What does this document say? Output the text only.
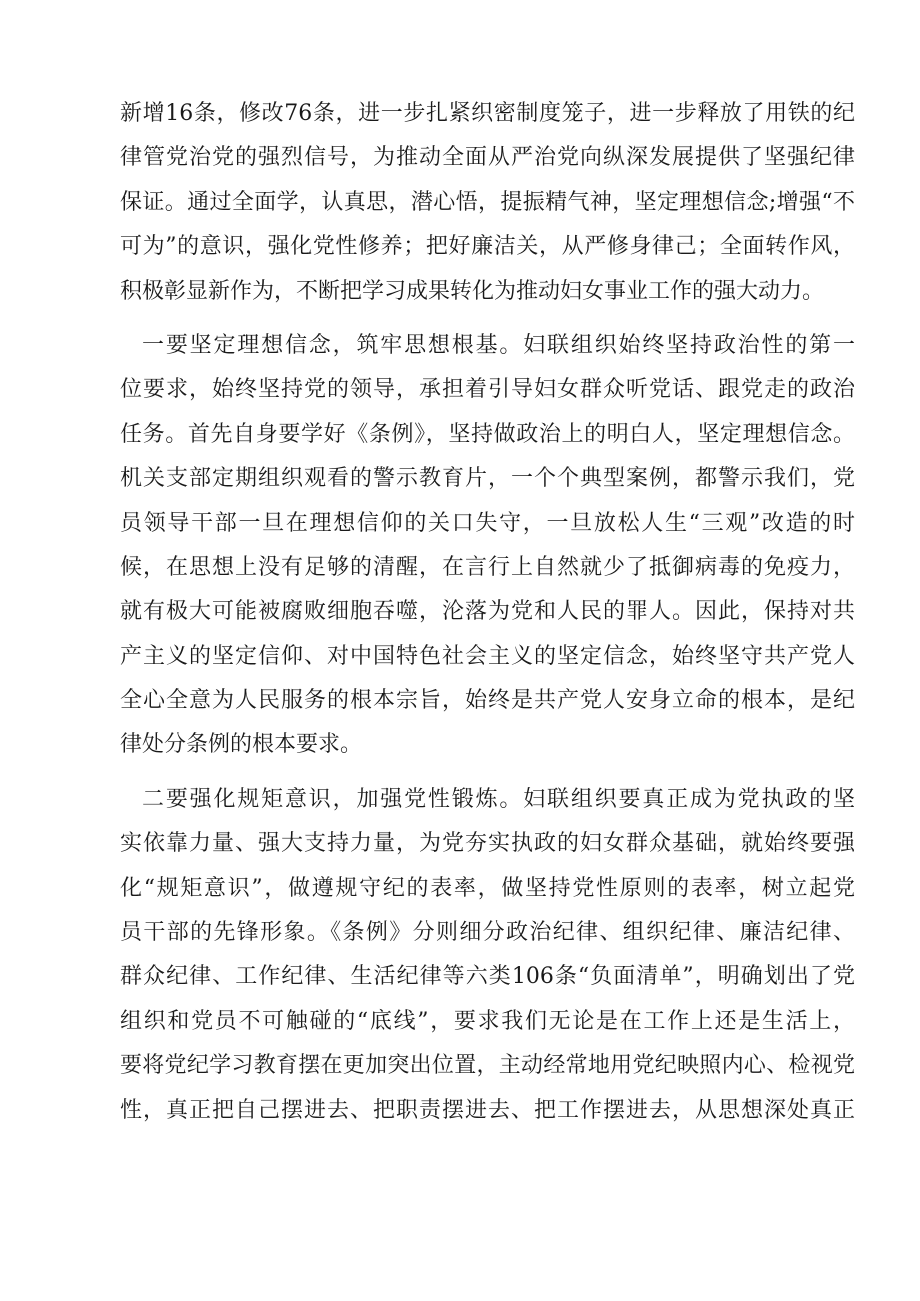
新增16条，修改76条，进一步扎紧织密制度笼子，进一步释放了用铁的纪
律管党治党的强烈信号，为推动全面从严治党向纵深发展提供了坚强纪律
保证。通过全面学，认真思，潜心悟，提振精气神，坚定理想信念;增强“不
可为”的意识，强化党性修养；把好廉洁关，从严修身律己；全面转作风，
积极彰显新作为，不断把学习成果转化为推动妇女事业工作的强大动力。
一要坚定理想信念，筑牢思想根基。妇联组织始终坚持政治性的第一
位要求，始终坚持党的领导，承担着引导妇女群众听党话、跟党走的政治
任务。首先自身要学好《条例》，坚持做政治上的明白人，坚定理想信念。
机关支部定期组织观看的警示教育片，一个个典型案例，都警示我们，党
员领导干部一旦在理想信仰的关口失守，一旦放松人生“三观”改造的时
候，在思想上没有足够的清醒，在言行上自然就少了抵御病毒的免疫力，
就有极大可能被腐败细胞吞噬，沦落为党和人民的罪人。因此，保持对共
产主义的坚定信仰、对中国特色社会主义的坚定信念，始终坚守共产党人
全心全意为人民服务的根本宗旨，始终是共产党人安身立命的根本，是纪
律处分条例的根本要求。
二要强化规矩意识，加强党性锻炼。妇联组织要真正成为党执政的坚
实依靠力量、强大支持力量，为党夯实执政的妇女群众基础，就始终要强
化“规矩意识”，做遵规守纪的表率，做坚持党性原则的表率，树立起党
员干部的先锋形象。《条例》分则细分政治纪律、组织纪律、廉洁纪律、
群众纪律、工作纪律、生活纪律等六类106条“负面清单”，明确划出了党
组织和党员不可触碰的“底线”，要求我们无论是在工作上还是生活上，
要将党纪学习教育摆在更加突出位置，主动经常地用党纪映照内心、检视党
性，真正把自己摆进去、把职责摆进去、把工作摆进去，从思想深处真正
